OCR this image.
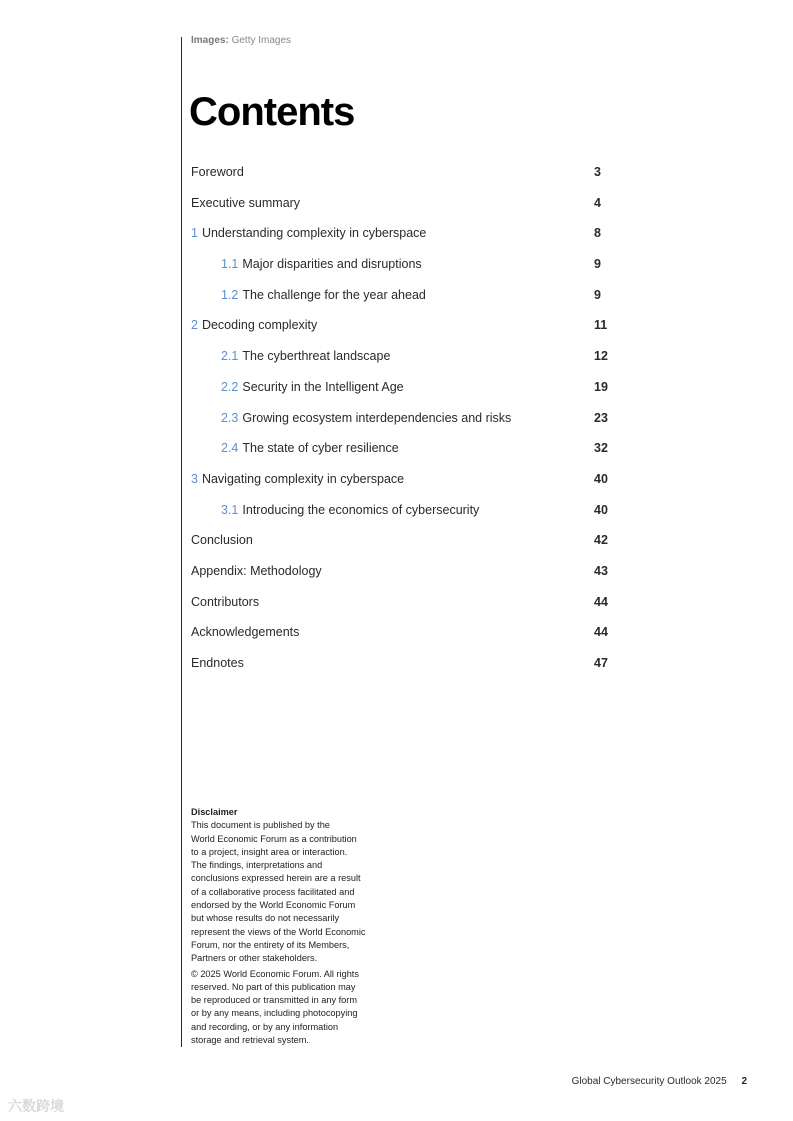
Images: Getty Images
Contents
Foreword	3
Executive summary	4
1 Understanding complexity in cyberspace	8
1.1 Major disparities and disruptions	9
1.2 The challenge for the year ahead	9
2 Decoding complexity	11
2.1 The cyberthreat landscape	12
2.2 Security in the Intelligent Age	19
2.3 Growing ecosystem interdependencies and risks	23
2.4 The state of cyber resilience	32
3 Navigating complexity in cyberspace	40
3.1 Introducing the economics of cybersecurity	40
Conclusion	42
Appendix: Methodology	43
Contributors	44
Acknowledgements	44
Endnotes	47

Disclaimer

This document is published by the
World Economic Forum as a contribution
to a project, insight area or interaction.
The findings, interpretations and
conclusions expressed herein are a result
of a collaborative process facilitated and
endorsed by the World Economic Forum
but whose results do not necessarily
represent the views of the World Economic
Forum, nor the entirety of its Members,
Partners or other stakeholders.

© 2025 World Economic Forum. All rights
reserved. No part of this publication may
be reproduced or transmitted in any form
or by any means, including photocopying
and recording, or by any information
storage and retrieval system.

Global Cybersecurity Outlook 2025 2
六数跨境
